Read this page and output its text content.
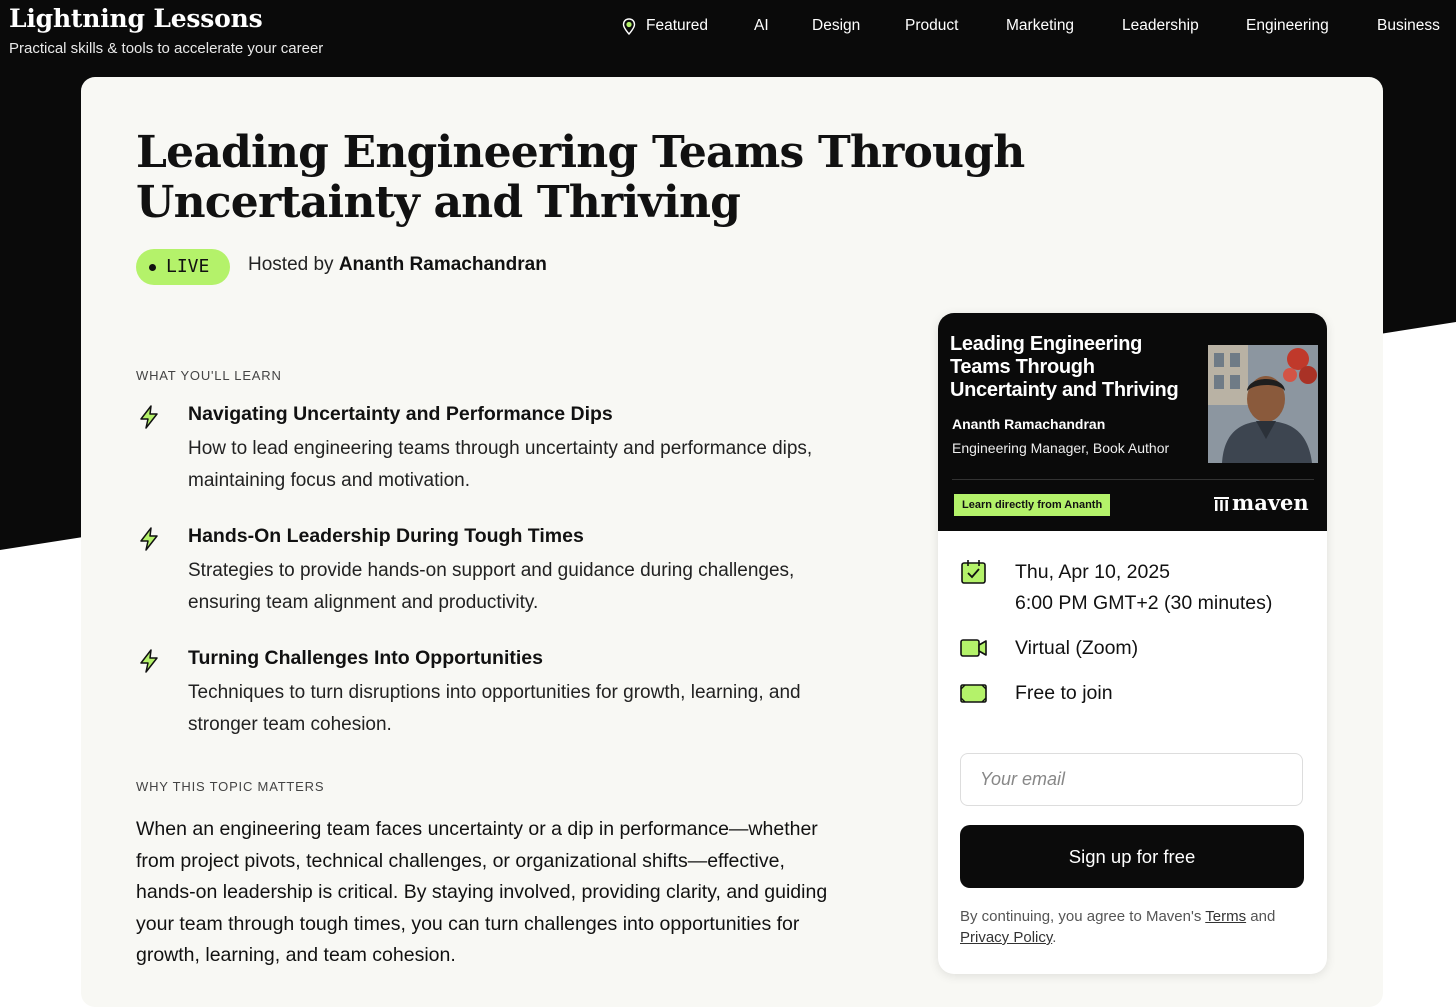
Lightning Lessons
Practical skills & tools to accelerate your career
Featured	AI	Design	Product	Marketing	Leadership	Engineering	Business
Leading Engineering Teams Through Uncertainty and Thriving
LIVE Hosted by Ananth Ramachandran
WHAT YOU'LL LEARN
Navigating Uncertainty and Performance Dips
How to lead engineering teams through uncertainty and performance dips, maintaining focus and motivation.
Hands-On Leadership During Tough Times
Strategies to provide hands-on support and guidance during challenges, ensuring team alignment and productivity.
Turning Challenges Into Opportunities
Techniques to turn disruptions into opportunities for growth, learning, and stronger team cohesion.
WHY THIS TOPIC MATTERS
When an engineering team faces uncertainty or a dip in performance—whether from project pivots, technical challenges, or organizational shifts—effective, hands-on leadership is critical. By staying involved, providing clarity, and guiding your team through tough times, you can turn challenges into opportunities for growth, learning, and team cohesion.
Leading Engineering Teams Through Uncertainty and Thriving
Ananth Ramachandran
Engineering Manager, Book Author
Learn directly from Ananth	maven
Thu, Apr 10, 2025
6:00 PM GMT+2 (30 minutes)
Virtual (Zoom)
Free to join
Your email
Sign up for free
By continuing, you agree to Maven's Terms and Privacy Policy.
